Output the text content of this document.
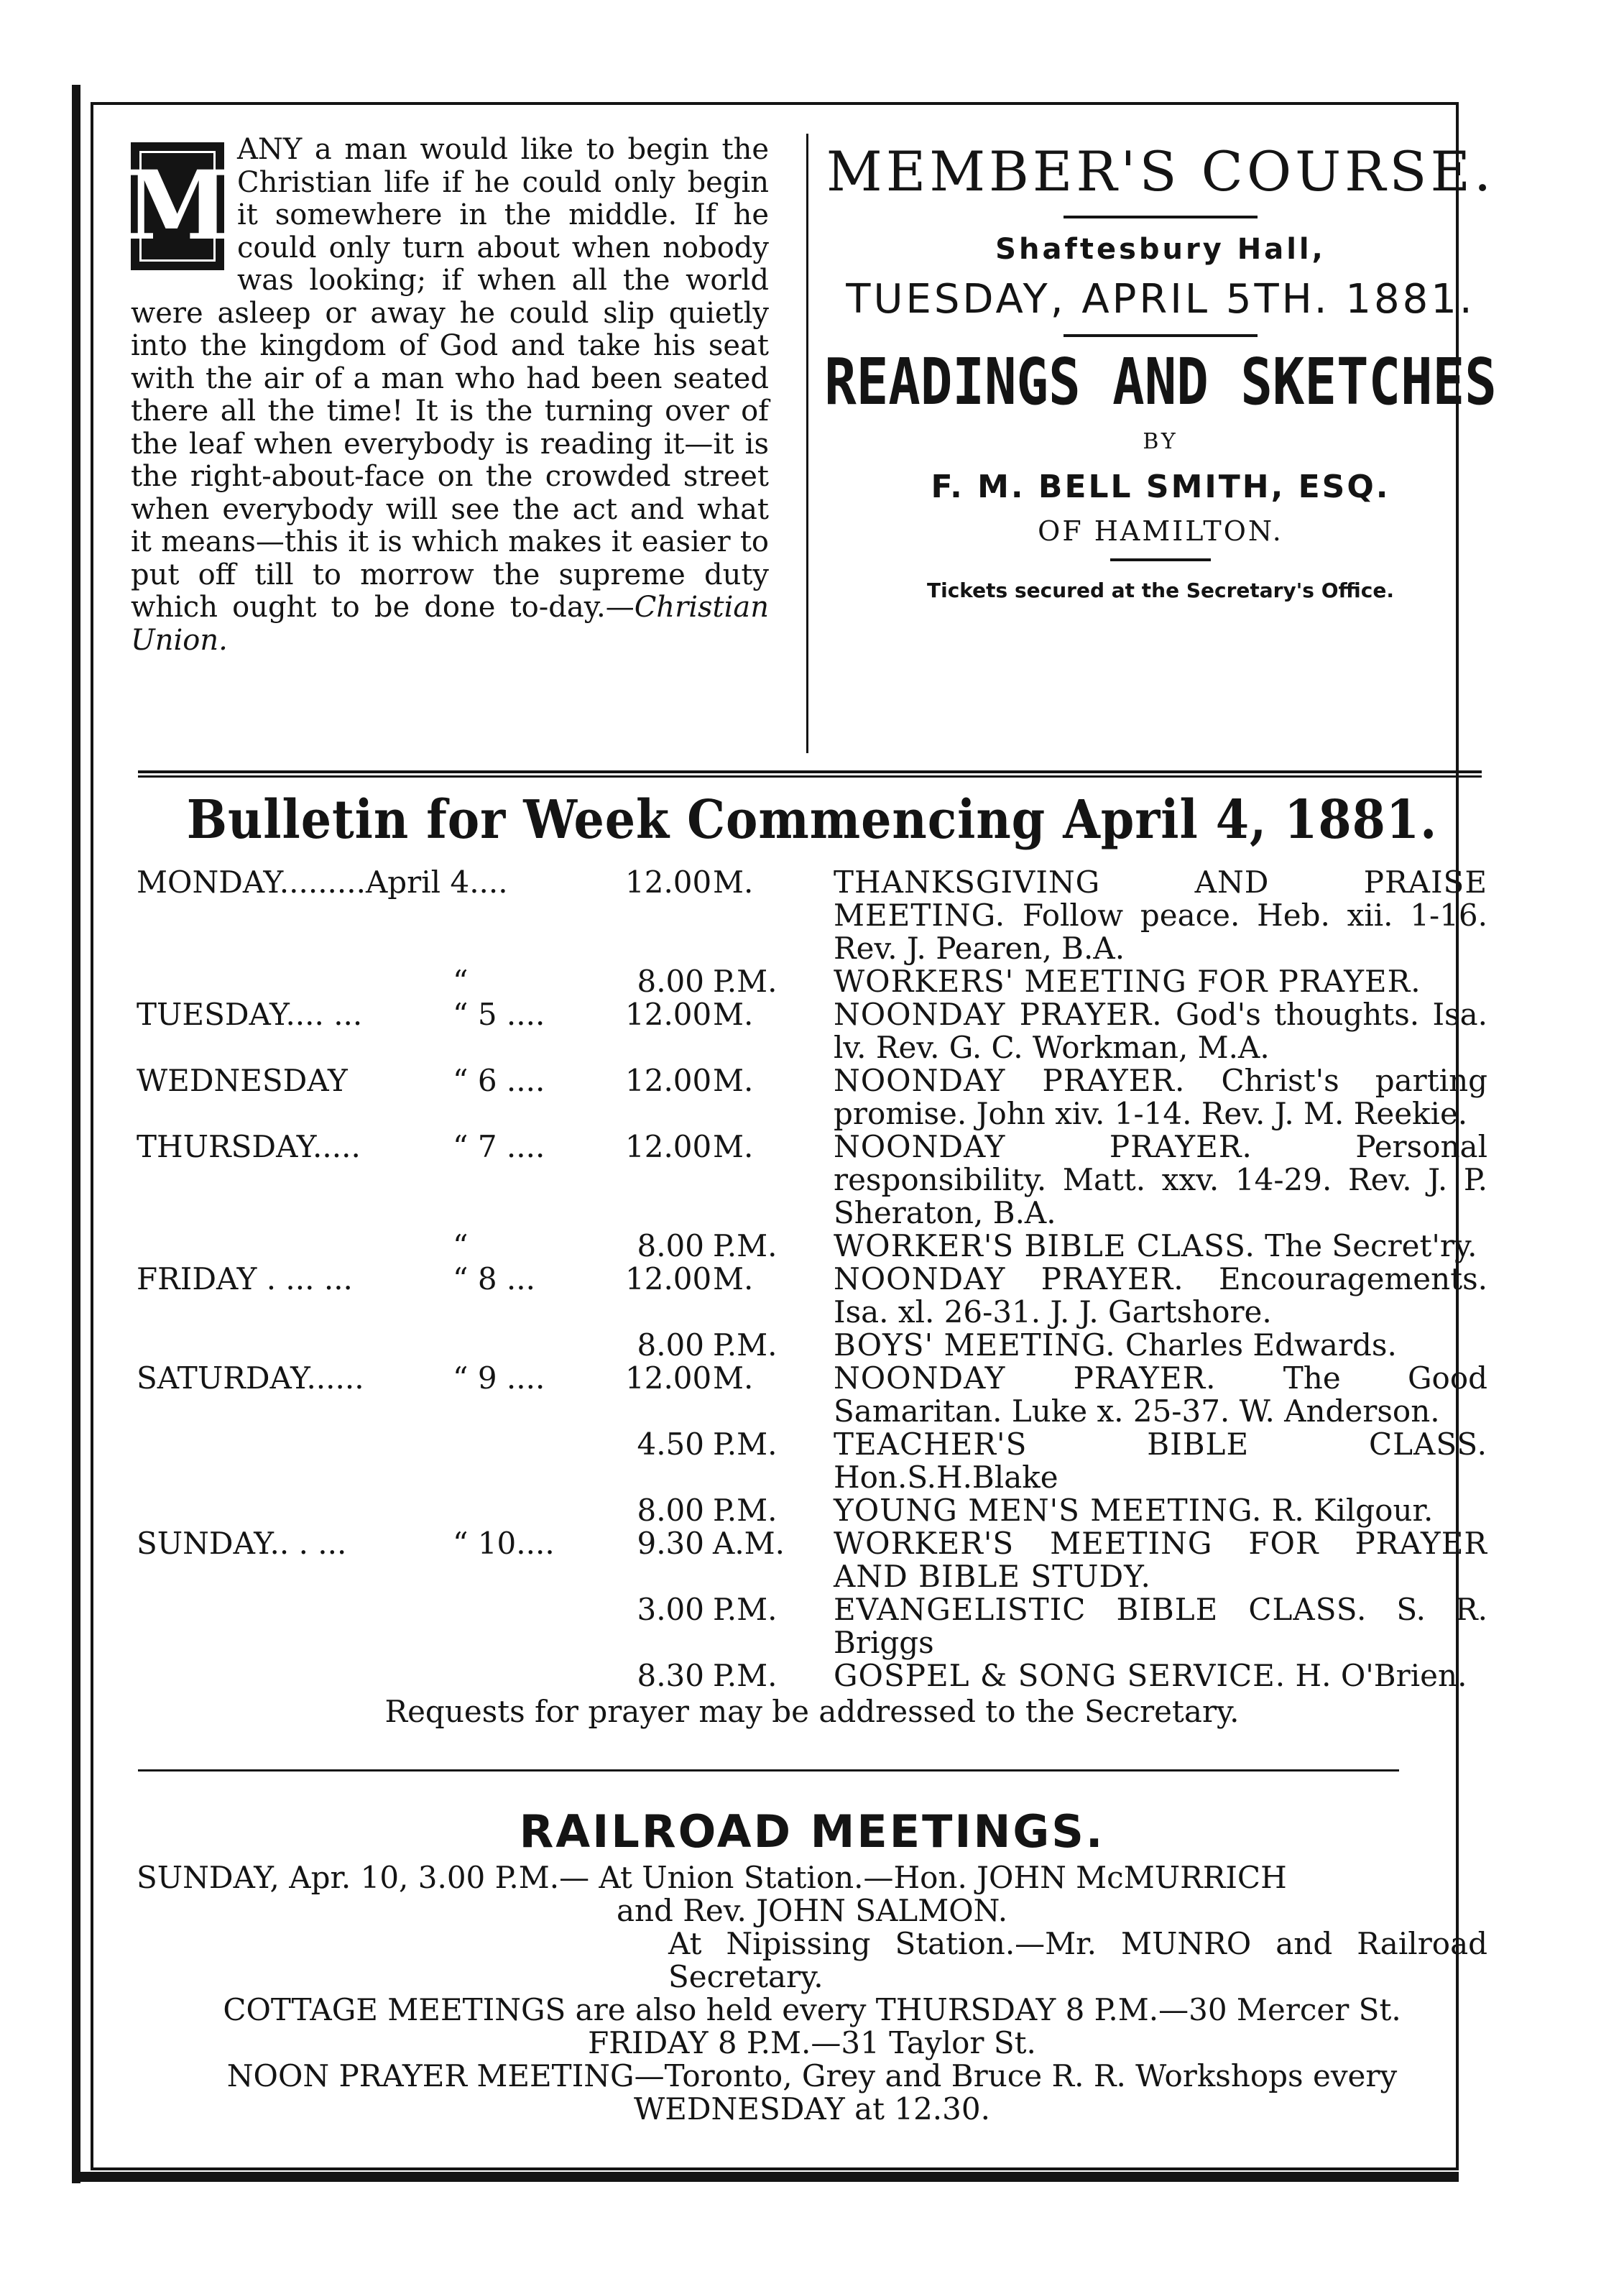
M
ANY a man would like to begin the Christian life if he could only begin it somewhere in the middle. If he could only turn about when nobody was looking; if when all the world were asleep or away he could slip quietly into the kingdom of God and take his seat with the air of a man who had been seated there all the time! It is the turning over of the leaf when everybody is reading it—it is the right-about-face on the crowded street when everybody will see the act and what it means—this it is which makes it easier to put off till to morrow the supreme duty which ought to be done to-day.—Christian Union.
MEMBER'S COURSE.
Shaftesbury Hall,
TUESDAY, APRIL 5TH. 1881.
READINGS AND SKETCHES
BY
F. M. BELL SMITH, ESQ.
OF HAMILTON.
Tickets secured at the Secretary's Office.
Bulletin for Week Commencing April 4, 1881.
MONDAY.........April 4....	12.00M.	THANKSGIVING AND PRAISE MEETING. Follow peace. Heb. xii. 1-16. Rev. J. Pearen, B.A.
“	8.00 P.M.	WORKERS' MEETING FOR PRAYER.
TUESDAY.... ...	“ 5 ....	12.00M.	NOONDAY PRAYER. God's thoughts. Isa. lv. Rev. G. C. Workman, M.A.
WEDNESDAY	“ 6 ....	12.00M.	NOONDAY PRAYER. Christ's parting promise. John xiv. 1-14. Rev. J. M. Reekie.
THURSDAY.....	“ 7 ....	12.00M.	NOONDAY PRAYER.	Personal responsibility. Matt. xxv. 14-29. Rev. J. P. Sheraton, B.A.
“	8.00 P.M.	WORKER'S BIBLE CLASS. The Secret'ry.
FRIDAY . ... ...	“ 8 ...	12.00M.	NOONDAY PRAYER. Encouragements. Isa. xl. 26-31. J. J. Gartshore.
8.00 P.M.	BOYS' MEETING. Charles Edwards.
SATURDAY......	“ 9 ....	12.00M.	NOONDAY PRAYER. The Good Samaritan. Luke x. 25-37. W. Anderson.
4.50 P.M.	TEACHER'S BIBLE CLASS. Hon.S.H.Blake
8.00 P.M.	YOUNG MEN'S MEETING. R. Kilgour.
SUNDAY.. . ...	“ 10....	9.30 A.M.	WORKER'S MEETING FOR PRAYER AND BIBLE STUDY.
3.00 P.M.	EVANGELISTIC BIBLE CLASS. S. R. Briggs
8.30 P.M.	GOSPEL & SONG SERVICE. H. O'Brien.
Requests for prayer may be addressed to the Secretary.
RAILROAD MEETINGS.

SUNDAY, Apr. 10, 3.00 P.M.— At Union Station.—Hon. JOHN McMURRICH

and Rev. JOHN SALMON.

At Nipissing Station.—Mr. MUNRO and Railroad Secretary.

COTTAGE MEETINGS are also held every THURSDAY 8 P.M.—30 Mercer St.

FRIDAY 8 P.M.—31 Taylor St.

NOON PRAYER MEETING—Toronto, Grey and Bruce R. R. Workshops every

WEDNESDAY at 12.30.
